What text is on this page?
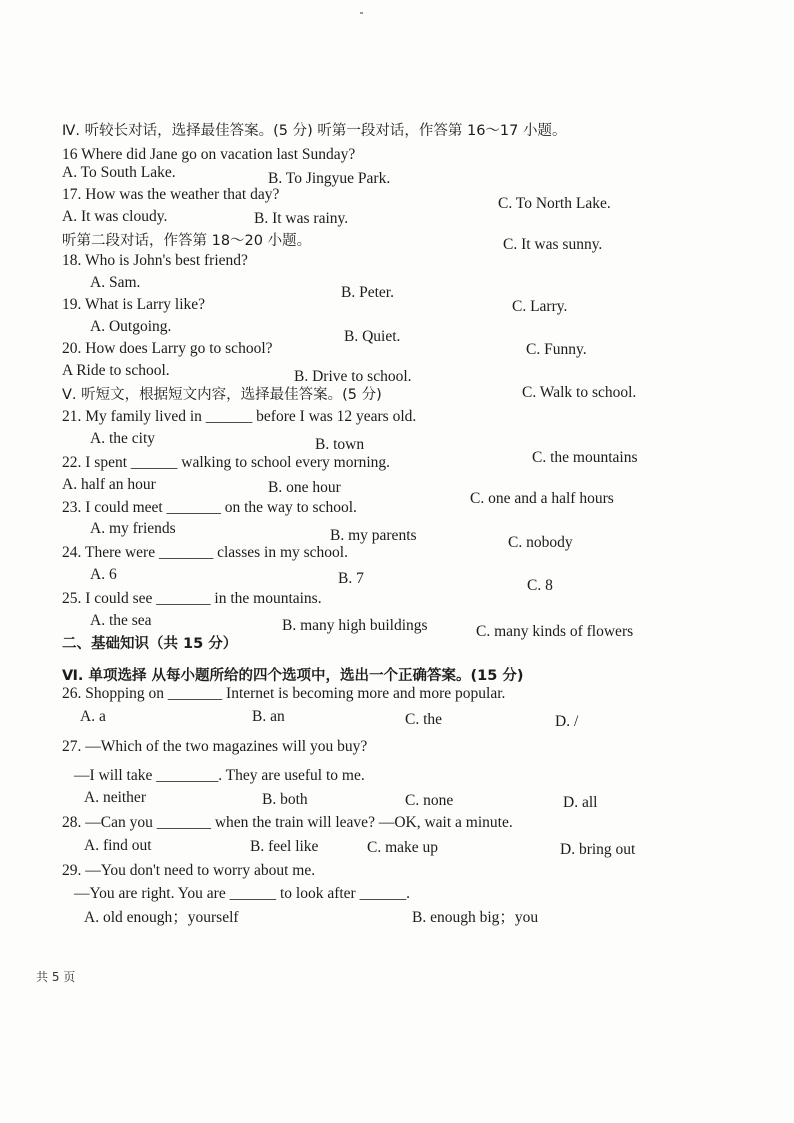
Ⅳ. 听较长对话，选择最佳答案。(5 分) 听第一段对话，作答第 16～17 小题。
16 Where did Jane go on vacation last Sunday?
A. To South Lake.	B. To Jingyue Park.
C. To North Lake.
17. How was the weather that day?
A. It was cloudy.	B. It was rainy.
C. It was sunny.
听第二段对话，作答第 18～20 小题。
18. Who is John's best friend?
A. Sam.
B. Peter.
C. Larry.
19. What is Larry like?
A. Outgoing.
B. Quiet.
C. Funny.
20. How does Larry go to school?
A Ride to school.	B. Drive to school.
C. Walk to school.
Ⅴ. 听短文，根据短文内容，选择最佳答案。(5 分)
21. My family lived in ______ before I was 12 years old.
A. the city	B. town
C. the mountains
22. I spent ______ walking to school every morning.
A. half an hour	B. one hour
C. one and a half hours
23. I could meet _______ on the way to school.
A. my friends	B. my parents	C. nobody
24. There were _______ classes in my school.
A. 6	B. 7	C. 8
25. I could see _______ in the mountains.
A. the sea	B. many high buildings	C. many kinds of flowers
二、基础知识（共 15 分）
Ⅵ. 单项选择 从每小题所给的四个选项中，选出一个正确答案。(15 分)
26. Shopping on _______ Internet is becoming more and more popular.
A. a	B. an	C. the	D. /
27. —Which of the two magazines will you buy?
—I will take ________. They are useful to me.
A. neither	B. both	C. none	D. all
28. —Can you _______ when the train will leave? —OK, wait a minute.
A. find out	B. feel like	C. make up	D. bring out
29. —You don't need to worry about me.
—You are right. You are ______ to look after ______.
A. old enough；yourself	B. enough big；you
共 5 页
